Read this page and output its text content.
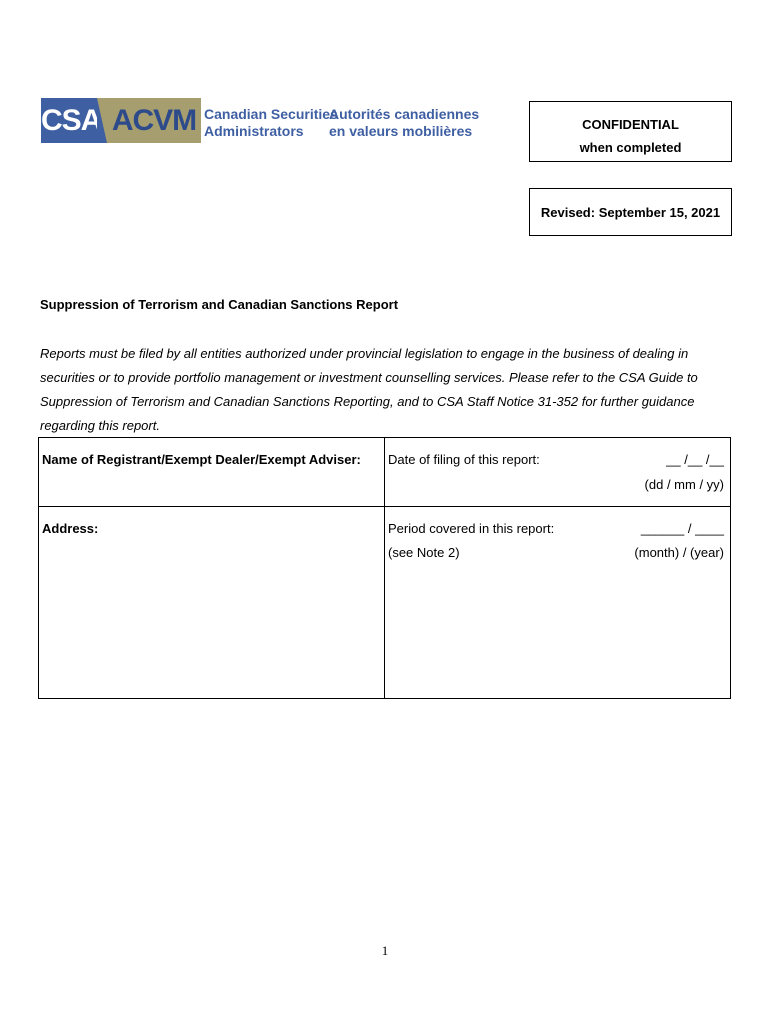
CSA ACVM Canadian Securities
Administrators
Autorités canadiennes
en valeurs mobilières	CONFIDENTIAL
when completed
Revised: September 15, 2021
Suppression of Terrorism and Canadian Sanctions Report
Reports must be filed by all entities authorized under provincial legislation to engage in the business of dealing in securities or to provide portfolio management or investment counselling services. Please refer to the CSA Guide to Suppression of Terrorism and Canadian Sanctions Reporting, and to CSA Staff Notice 31-352 for further guidance regarding this report.
Name of Registrant/Exempt Dealer/Exempt Adviser:
Address:
Date of filing of this report:	__ /__ /__
(dd / mm / yy)
Period covered in this report:
(see Note 2)
______ / ____
(month) / (year)
1
